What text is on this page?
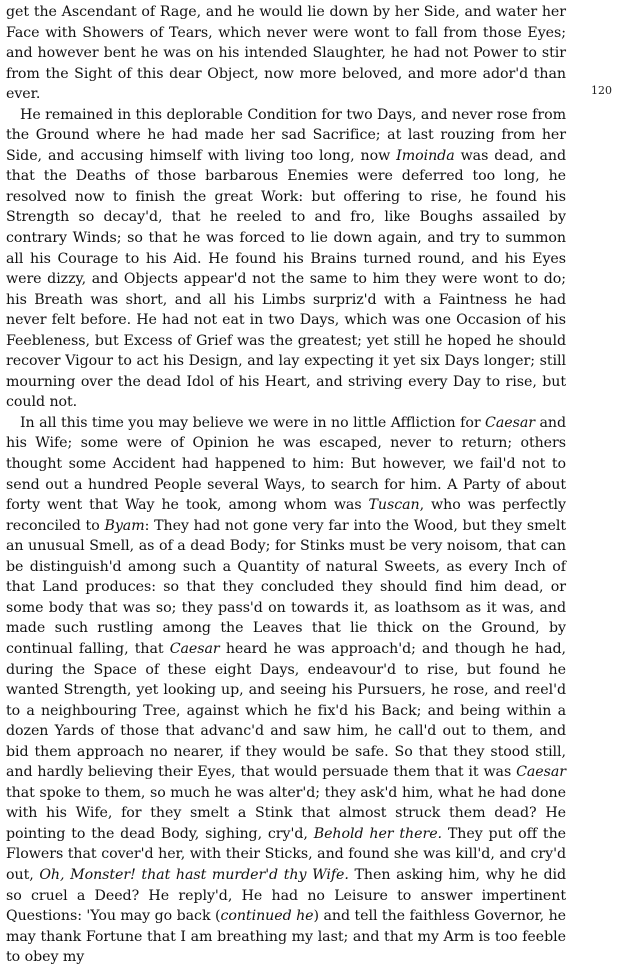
120

get the Ascendant of Rage, and he would lie down by her Side, and water her Face with Showers of Tears, which never were wont to fall from those Eyes; and however bent he was on his intended Slaughter, he had not Power to stir from the Sight of this dear Object, now more beloved, and more ador'd than ever.

He remained in this deplorable Condition for two Days, and never rose from the Ground where he had made her sad Sacrifice; at last rouzing from her Side, and accusing himself with living too long, now Imoinda was dead, and that the Deaths of those barbarous Enemies were deferred too long, he resolved now to finish the great Work: but offering to rise, he found his Strength so decay'd, that he reeled to and fro, like Boughs assailed by contrary Winds; so that he was forced to lie down again, and try to summon all his Courage to his Aid. He found his Brains turned round, and his Eyes were dizzy, and Objects appear'd not the same to him they were wont to do; his Breath was short, and all his Limbs surpriz'd with a Faintness he had never felt before. He had not eat in two Days, which was one Occasion of his Feebleness, but Excess of Grief was the greatest; yet still he hoped he should recover Vigour to act his Design, and lay expecting it yet six Days longer; still mourning over the dead Idol of his Heart, and striving every Day to rise, but could not.

In all this time you may believe we were in no little Affliction for Caesar and his Wife; some were of Opinion he was escaped, never to return; others thought some Accident had happened to him: But however, we fail'd not to send out a hundred People several Ways, to search for him. A Party of about forty went that Way he took, among whom was Tuscan, who was perfectly reconciled to Byam: They had not gone very far into the Wood, but they smelt an unusual Smell, as of a dead Body; for Stinks must be very noisom, that can be distinguish'd among such a Quantity of natural Sweets, as every Inch of that Land produces: so that they concluded they should find him dead, or some body that was so; they pass'd on towards it, as loathsom as it was, and made such rustling among the Leaves that lie thick on the Ground, by continual falling, that Caesar heard he was approach'd; and though he had, during the Space of these eight Days, endeavour'd to rise, but found he wanted Strength, yet looking up, and seeing his Pursuers, he rose, and reel'd to a neighbouring Tree, against which he fix'd his Back; and being within a dozen Yards of those that advanc'd and saw him, he call'd out to them, and bid them approach no nearer, if they would be safe. So that they stood still, and hardly believing their Eyes, that would persuade them that it was Caesar that spoke to them, so much he was alter'd; they ask'd him, what he had done with his Wife, for they smelt a Stink that almost struck them dead? He pointing to the dead Body, sighing, cry'd, Behold her there. They put off the Flowers that cover'd her, with their Sticks, and found she was kill'd, and cry'd out, Oh, Monster! that hast murder'd thy Wife. Then asking him, why he did so cruel a Deed? He reply'd, He had no Leisure to answer impertinent Questions: 'You may go back (continued he) and tell the faithless Governor, he may thank Fortune that I am breathing my last; and that my Arm is too feeble to obey my
